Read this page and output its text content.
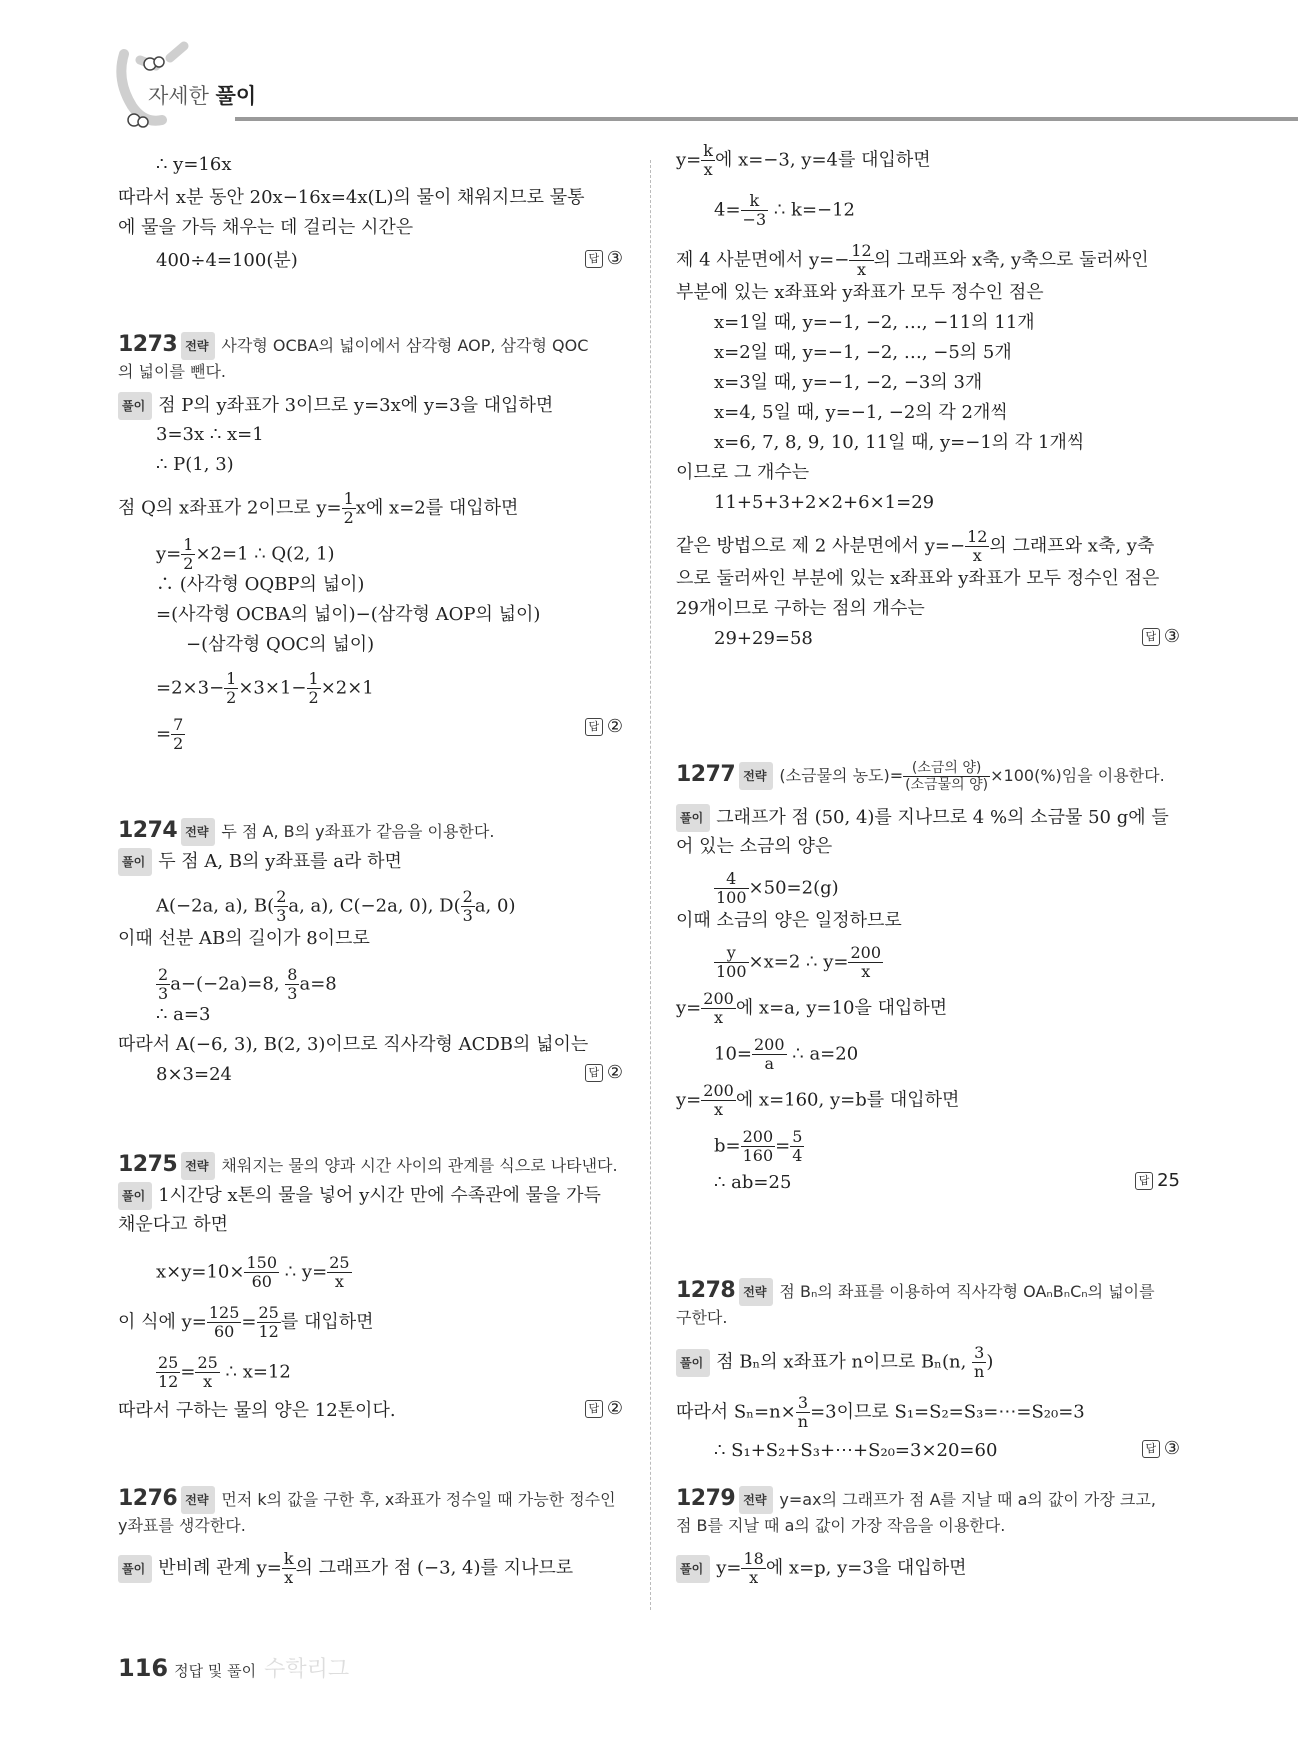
자세한 풀이
∴ y=16x
따라서 x분 동안 20x−16x=4x(L)의 물이 채워지므로 물통
에 물을 가득 채우는 데 걸리는 시간은
400÷4=100(분)	답 ③
1273 전략 사각형 OCBA의 넓이에서 삼각형 AOP, 삼각형 QOC
의 넓이를 뺀다.
풀이 점 P의 y좌표가 3이므로 y=3x에 y=3을 대입하면
3=3x ∴ x=1
∴ P(1, 3)
점 Q의 x좌표가 2이므로 $y= \frac{1}{2}$ x에 x=2를 대입하면
$y= \frac{1}{2} \times 2=1$ ∴ Q(2, 1)
∴ (사각형 OQBP의 넓이)
=(사각형 OCBA의 넓이)−(삼각형 AOP의 넓이)
−(삼각형 QOC의 넓이)
$=2\times 3- \frac{1}{2} \times 3\times 1- \frac{1}{2} \times 2\times 1$
= $\frac{7}{2}$	답 ②
1274 전략 두 점 A, B의 y좌표가 같음을 이용한다.
풀이 두 점 A, B의 y좌표를 a라 하면
A(−2a, a), $B( \frac{2}{3} a$, a), C(−2a, 0), $D( \frac{2}{3} a$, 0)
이때 선분 AB의 길이가 8이므로
$\frac{2}{3} a-(-2a)=8$, $\frac{8}{3} a=8$
∴ a=3
따라서 A(−6, 3), B(2, 3)이므로 직사각형 ACDB의 넓이는
8×3=24	답 ②
1275 전략 채워지는 물의 양과 시간 사이의 관계를 식으로 나타낸다.
풀이 1시간당 x톤의 물을 넣어 y시간 만에 수족관에 물을 가득
채운다고 하면
$x\times y=10\times \frac{150}{60}$ ∴ $y= \frac{25}{x}$
이 식에 $y= \frac{125}{60} = \frac{25}{12}$ 를 대입하면
$\frac{25}{12} = \frac{25}{x}$ ∴ x=12
따라서 구하는 물의 양은 12톤이다.	답 ②
1276 전략 먼저 k의 값을 구한 후, x좌표가 정수일 때 가능한 정수인
y좌표를 생각한다.
풀이 반비례 관계 $y= \frac{k}{x}$ 의 그래프가 점 (−3, 4)를 지나므로
$y= \frac{k}{x}$ 에 x=−3, y=4를 대입하면
$4= \frac{k}{-3}$ ∴ k=−12
제 4 사분면에서 $y=- \frac{12}{x}$ 의 그래프와 x축, y축으로 둘러싸인
부분에 있는 x좌표와 y좌표가 모두 정수인 점은
x=1일 때, y=−1, −2, …, −11의 11개
x=2일 때, y=−1, −2, …, −5의 5개
x=3일 때, y=−1, −2, −3의 3개
x=4, 5일 때, y=−1, −2의 각 2개씩
x=6, 7, 8, 9, 10, 11일 때, y=−1의 각 1개씩
이므로 그 개수는
11+5+3+2×2+6×1=29
같은 방법으로 제 2 사분면에서 $y=- \frac{12}{x}$ 의 그래프와 x축, y축
으로 둘러싸인 부분에 있는 x좌표와 y좌표가 모두 정수인 점은
29개이므로 구하는 점의 개수는
29+29=58	답 ③
1277 전략 (소금물의 농도)= $\frac{\text{(소금의 양)}}{\text{(소금물의 양)}} \times 100(\%)$임을 이용한다.
풀이 그래프가 점 (50, 4)를 지나므로 4 %의 소금물 50 g에 들
어 있는 소금의 양은
$\frac{4}{100} \times 50=2(g)$
이때 소금의 양은 일정하므로
$\frac{y}{100} \times x=2$ ∴ $y= \frac{200}{x}$
$y= \frac{200}{x}$ 에 x=a, y=10을 대입하면
$10= \frac{200}{a}$ ∴ a=20
$y= \frac{200}{x}$ 에 x=160, y=b를 대입하면
$b= \frac{200}{160} = \frac{5}{4}$
∴ ab=25	답 25
1278 전략 점 Bₙ의 좌표를 이용하여 직사각형 OAₙBₙCₙ의 넓이를
구한다.
풀이 점 Bₙ의 x좌표가 n이므로 Bₙ(n, $\frac{3}{n}$ )
따라서 $S_n=n\times \frac{3}{n} =3$이므로 S₁=S₂=S₃=⋯=S₂₀=3
∴ S₁+S₂+S₃+⋯+S₂₀=3×20=60	답 ③
1279 전략 y=ax의 그래프가 점 A를 지날 때 a의 값이 가장 크고,
점 B를 지날 때 a의 값이 가장 작음을 이용한다.
풀이 $y= \frac{18}{x}$ 에 x=p, y=3을 대입하면
116 정답 및 풀이 수학리그
